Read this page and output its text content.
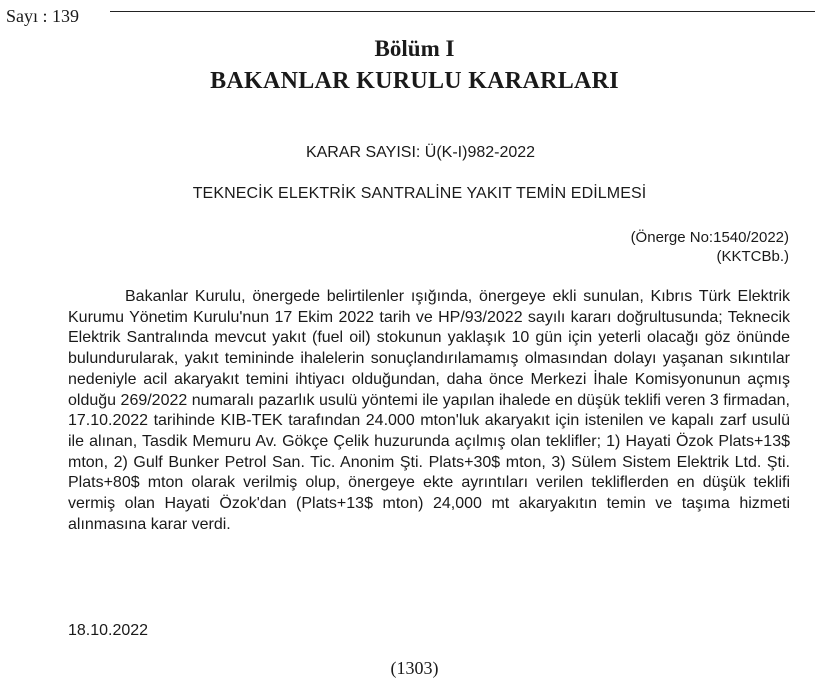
Sayı : 139
Bölüm I
BAKANLAR KURULU KARARLARI
KARAR SAYISI: Ü(K-I)982-2022
TEKNECİK ELEKTRİK SANTRALİNE YAKIT TEMİN EDİLMESİ
(Önerge No:1540/2022)
(KKTCBb.)

Bakanlar Kurulu, önergede belirtilenler ışığında, önergeye ekli sunulan, Kıbrıs Türk Elektrik Kurumu Yönetim Kurulu'nun 17 Ekim 2022 tarih ve HP/93/2022 sayılı kararı doğrultusunda; Teknecik Elektrik Santralında mevcut yakıt (fuel oil) stokunun yaklaşık 10 gün için yeterli olacağı göz önünde bulundurularak, yakıt temininde ihalelerin sonuçlandırılamamış olmasından dolayı yaşanan sıkıntılar nedeniyle acil akaryakıt temini ihtiyacı olduğundan, daha önce Merkezi İhale Komisyonunun açmış olduğu 269/2022 numaralı pazarlık usulü yöntemi ile yapılan ihalede en düşük teklifi veren 3 firmadan, 17.10.2022 tarihinde KIB-TEK tarafından 24.000 mton'luk akaryakıt için istenilen ve kapalı zarf usulü ile alınan, Tasdik Memuru Av. Gökçe Çelik huzurunda açılmış olan teklifler; 1) Hayati Özok Plats+13$ mton, 2) Gulf Bunker Petrol San. Tic. Anonim Şti. Plats+30$ mton, 3) Sülem Sistem Elektrik Ltd. Şti. Plats+80$ mton olarak verilmiş olup, önergeye ekte ayrıntıları verilen tekliflerden en düşük teklifi vermiş olan Hayati Özok'dan (Plats+13$ mton) 24,000 mt akaryakıtın temin ve taşıma hizmeti alınmasına karar verdi.

18.10.2022
(1303)
